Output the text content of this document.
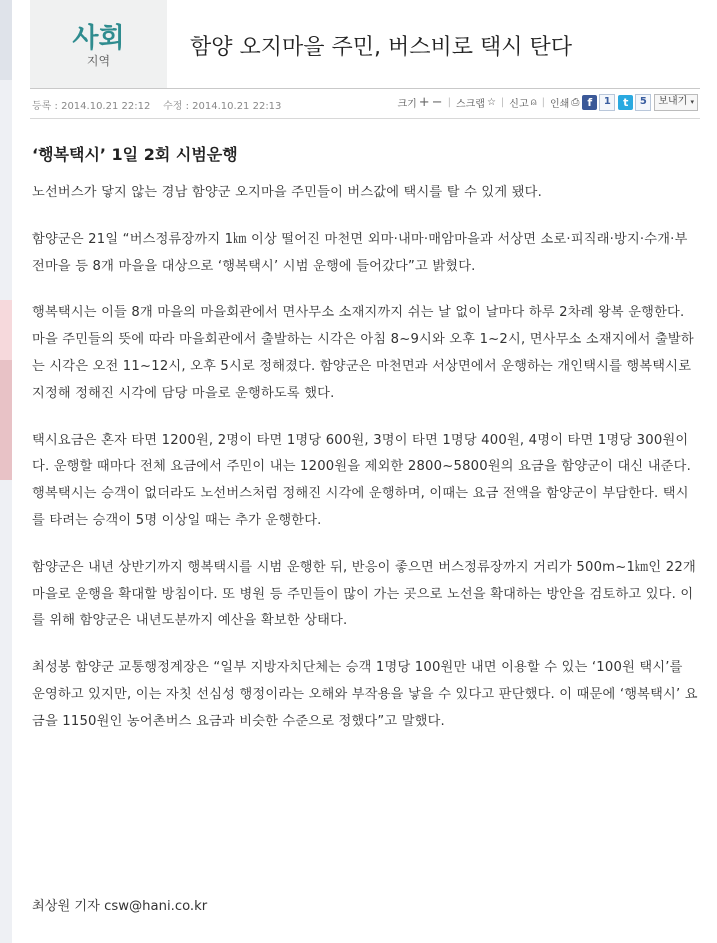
사회
지역
함양 오지마을 주민, 버스비로 택시 탄다
등록 : 2014.10.21 22:12 수정 : 2014.10.21 22:13	크기 + − | 스크랩 ☆ | 신고 ⍝ | 인쇄 ⎙ f	1	t	5	보내기 ▾
‘행복택시’ 1일 2회 시범운행

노선버스가 닿지 않는 경남 함양군 오지마을 주민들이 버스값에 택시를 탈 수 있게 됐다.

함양군은 21일 “버스정류장까지 1㎞ 이상 떨어진 마천면 외마·내마·매암마을과 서상면 소로·피직래·방지·수개·부전마을 등 8개 마을을 대상으로 ‘행복택시’ 시범 운행에 들어갔다”고 밝혔다.

행복택시는 이들 8개 마을의 마을회관에서 면사무소 소재지까지 쉬는 날 없이 날마다 하루 2차례 왕복 운행한다. 마을 주민들의 뜻에 따라 마을회관에서 출발하는 시각은 아침 8~9시와 오후 1~2시, 면사무소 소재지에서 출발하는 시각은 오전 11~12시, 오후 5시로 정해졌다. 함양군은 마천면과 서상면에서 운행하는 개인택시를 행복택시로 지정해 정해진 시각에 담당 마을로 운행하도록 했다.

택시요금은 혼자 타면 1200원, 2명이 타면 1명당 600원, 3명이 타면 1명당 400원, 4명이 타면 1명당 300원이다. 운행할 때마다 전체 요금에서 주민이 내는 1200원을 제외한 2800~5800원의 요금을 함양군이 대신 내준다. 행복택시는 승객이 없더라도 노선버스처럼 정해진 시각에 운행하며, 이때는 요금 전액을 함양군이 부담한다. 택시를 타려는 승객이 5명 이상일 때는 추가 운행한다.

함양군은 내년 상반기까지 행복택시를 시범 운행한 뒤, 반응이 좋으면 버스정류장까지 거리가 500m~1㎞인 22개 마을로 운행을 확대할 방침이다. 또 병원 등 주민들이 많이 가는 곳으로 노선을 확대하는 방안을 검토하고 있다. 이를 위해 함양군은 내년도분까지 예산을 확보한 상태다.

최성봉 함양군 교통행정계장은 “일부 지방자치단체는 승객 1명당 100원만 내면 이용할 수 있는 ‘100원 택시’를 운영하고 있지만, 이는 자칫 선심성 행정이라는 오해와 부작용을 낳을 수 있다고 판단했다. 이 때문에 ‘행복택시’ 요금을 1150원인 농어촌버스 요금과 비슷한 수준으로 정했다”고 말했다.

최상원 기자 csw@hani.co.kr
